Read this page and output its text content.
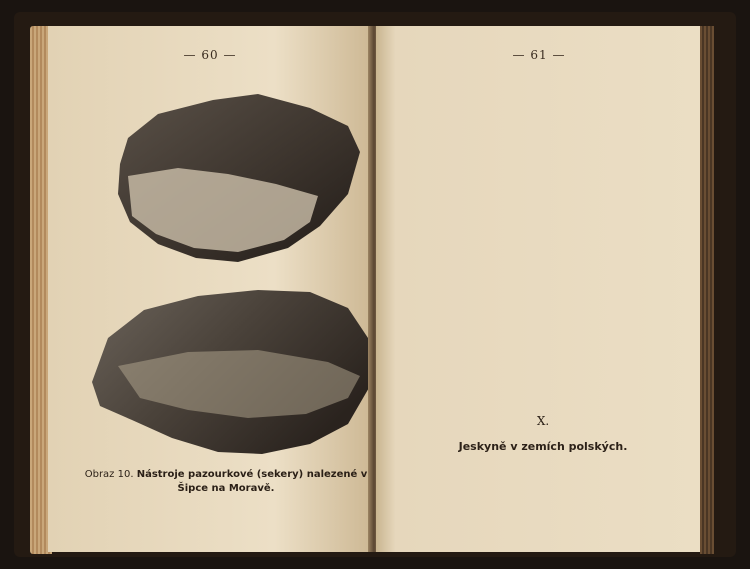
— 60 —
Obraz 10. Nástroje pazourkové (sekery) nalezené v Šipce na Moravě.
— 61 —
X.
Jeskyně v zemích polských.
